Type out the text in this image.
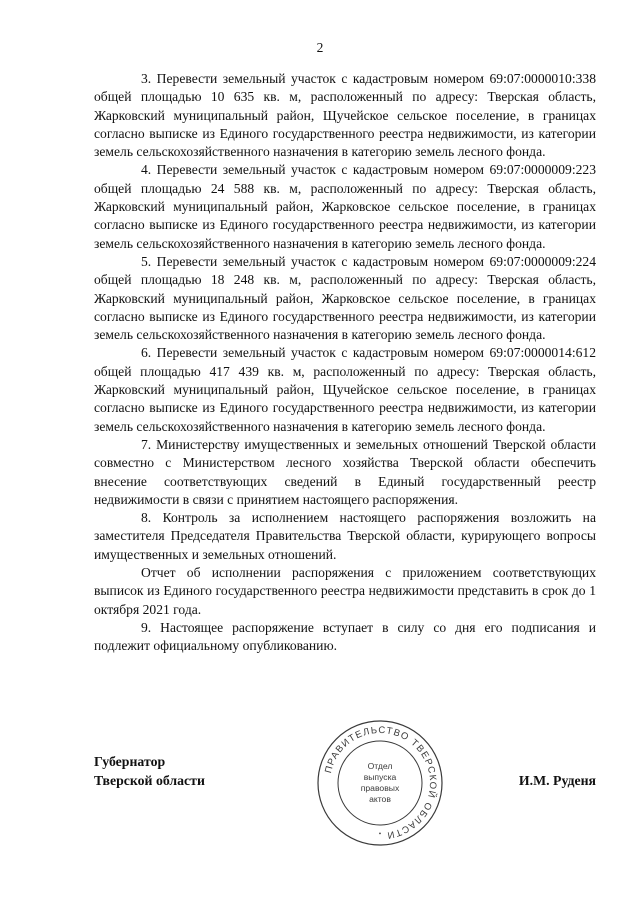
2

3. Перевести земельный участок с кадастровым номером 69:07:0000010:338 общей площадью 10 635 кв. м, расположенный по адресу: Тверская область, Жарковский муниципальный район, Щучейское сельское поселение, в границах согласно выписке из Единого государственного реестра недвижимости, из категории земель сельскохозяйственного назначения в категорию земель лесного фонда.

4. Перевести земельный участок с кадастровым номером 69:07:0000009:223 общей площадью 24 588 кв. м, расположенный по адресу: Тверская область, Жарковский муниципальный район, Жарковское сельское поселение, в границах согласно выписке из Единого государственного реестра недвижимости, из категории земель сельскохозяйственного назначения в категорию земель лесного фонда.

5. Перевести земельный участок с кадастровым номером 69:07:0000009:224 общей площадью 18 248 кв. м, расположенный по адресу: Тверская область, Жарковский муниципальный район, Жарковское сельское поселение, в границах согласно выписке из Единого государственного реестра недвижимости, из категории земель сельскохозяйственного назначения в категорию земель лесного фонда.

6. Перевести земельный участок с кадастровым номером 69:07:0000014:612 общей площадью 417 439 кв. м, расположенный по адресу: Тверская область, Жарковский муниципальный район, Щучейское сельское поселение, в границах согласно выписке из Единого государственного реестра недвижимости, из категории земель сельскохозяйственного назначения в категорию земель лесного фонда.

7. Министерству имущественных и земельных отношений Тверской области совместно с Министерством лесного хозяйства Тверской области обеспечить внесение соответствующих сведений в Единый государственный реестр недвижимости в связи с принятием настоящего распоряжения.

8. Контроль за исполнением настоящего распоряжения возложить на заместителя Председателя Правительства Тверской области, курирующего вопросы имущественных и земельных отношений.

Отчет об исполнении распоряжения с приложением соответствующих выписок из Единого государственного реестра недвижимости представить в срок до 1 октября 2021 года.

9. Настоящее распоряжение вступает в силу со дня его подписания и подлежит официальному опубликованию.

Губернатор
Тверской области	И.М. Руденя
ПРАВИТЕЛЬСТВО ТВЕРСКОЙ ОБЛАСТИ
•
Отдел
выпуска
правовых
актов
